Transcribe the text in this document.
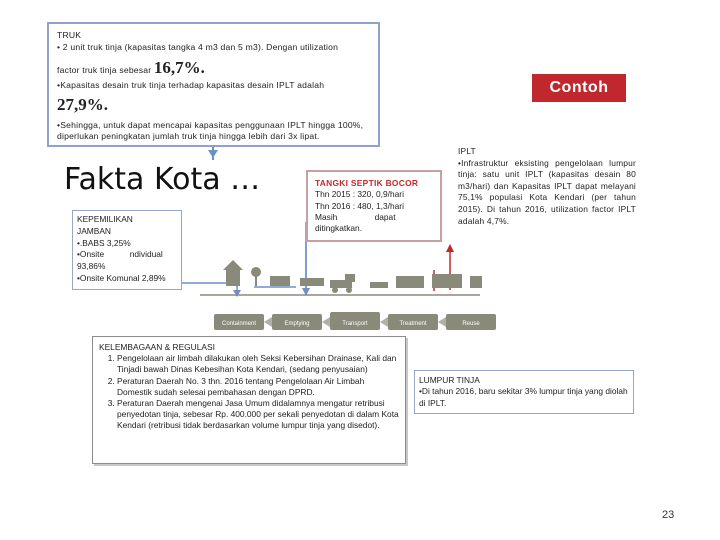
Containment	Emptying	Transport	Treatment	Reuse

TRUK

• 2 unit truk tinja (kapasitas tangka 4 m3 dan 5 m3). Dengan utilization

factor truk tinja sebesar 16,7%.

•Kapasitas desain truk tinja terhadap kapasitas desain IPLT adalah

27,9%.

•Sehingga, untuk dapat mencapai kapasitas penggunaan IPLT hingga 100%, diperlukan peningkatan jumlah truk tinja hingga lebih dari 3x lipat.

Contoh
Fakta Kota …
KEPEMILIKAN
JAMBAN
•.BABS 3,25%
•Onsite           ndividual
93,86%
•Onsite Komunal 2,89%
TANGKI SEPTIK BOCOR
Thn 2015 : 320, 0,9/hari
Thn 2016 : 480, 1,3/hari
Masih                dapat
ditingkatkan.
IPLT
•Infrastruktur eksisting pengelolaan lumpur tinja: satu unit IPLT (kapasitas desain 80 m3/hari) dan Kapasitas IPLT dapat melayani 75,1% populasi Kota Kendari (per tahun 2015). Di tahun 2016, utilization factor IPLT adalah 4,7%.
KELEMBAGAAN & REGULASI
1. Pengelolaan air limbah dilakukan oleh Seksi Kebersihan Drainase, Kali dan Tinjadi bawah Dinas Kebesihan Kota Kendari, (sedang penyusaian)
2. Peraturan Daerah No. 3 thn. 2016 tentang Pengelolaan Air Limbah Domestik sudah selesai pembahasan dengan DPRD.
3. Peraturan Daerah mengenai Jasa Umum didalamnya mengatur retribusi penyedotan tinja, sebesar Rp. 400.000 per sekali penyedotan di dalam Kota Kendari (retribusi tidak berdasarkan volume lumpur tinja yang disedot).
LUMPUR TINJA
•Di tahun 2016, baru sekitar 3% lumpur tinja yang diolah di IPLT.
23
